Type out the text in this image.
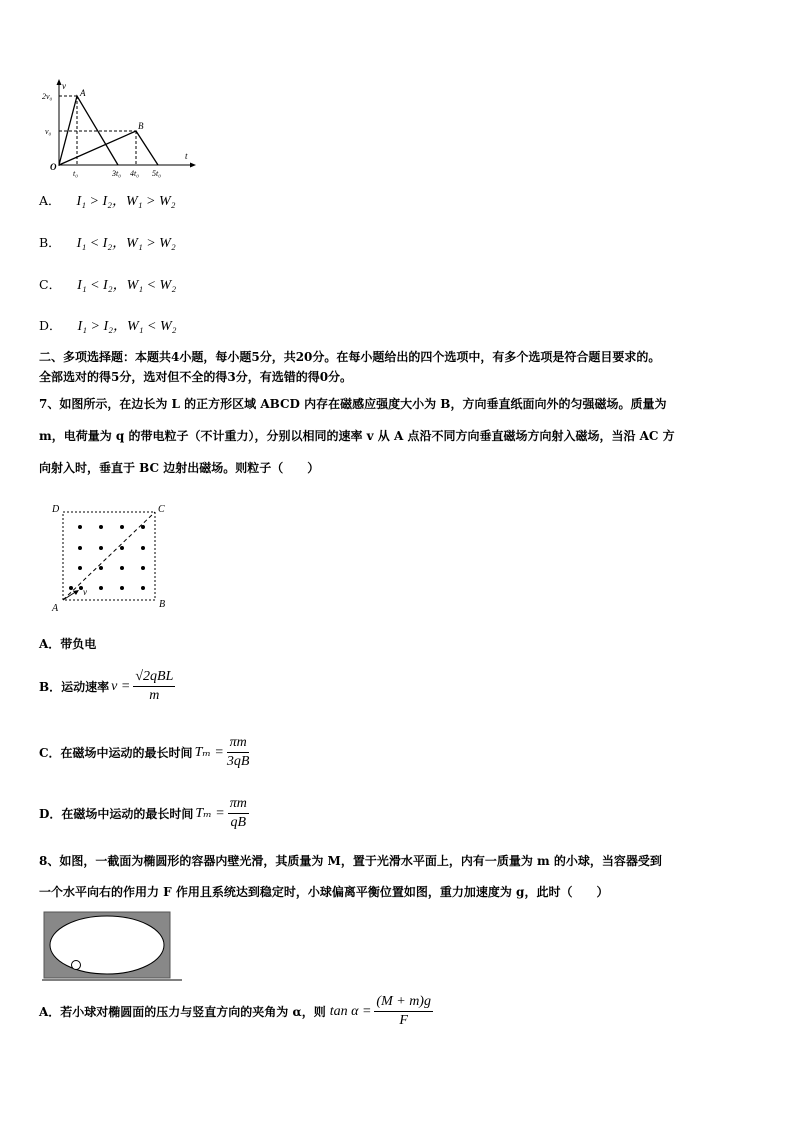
v
2v₀	A
v₀
B
O
t
t₀	3t₀ 4t₀ 5t₀
A． I₁ > I₂，W₁ > W₂
B． I₁ < I₂，W₁ > W₂
C． I₁ < I₂，W₁ < W₂
D． I₁ > I₂，W₁ < W₂
二、多项选择题：本题共4小题，每小题5分，共20分。在每小题给出的四个选项中，有多个选项是符合题目要求的。
全部选对的得5分，选对但不全的得3分，有选错的得0分。
7、如图所示，在边长为 L 的正方形区域 ABCD 内存在磁感应强度大小为 B，方向垂直纸面向外的匀强磁场。质量为
m，电荷量为 q 的带电粒子（不计重力），分别以相同的速率 v 从 A 点沿不同方向垂直磁场方向射入磁场，当沿 AC 方
向射入时，垂直于 BC 边射出磁场。则粒子（　　）
D	C
A	B
v
A．带负电
B．运动速率 $v = \frac{\text{√2qBL}}{m}$
C．在磁场中运动的最长时间 $T_m = \frac{\pi m}{3qB}$
D．在磁场中运动的最长时间 $T_m = \frac{\pi m}{qB}$
8、如图，一截面为椭圆形的容器内壁光滑，其质量为 M，置于光滑水平面上，内有一质量为 m 的小球，当容器受到
一个水平向右的作用力 F 作用且系统达到稳定时，小球偏离平衡位置如图，重力加速度为 g，此时（　　）
A．若小球对椭圆面的压力与竖直方向的夹角为 α，则 $\tan \alpha = \frac{(M + m)g}{F}$
